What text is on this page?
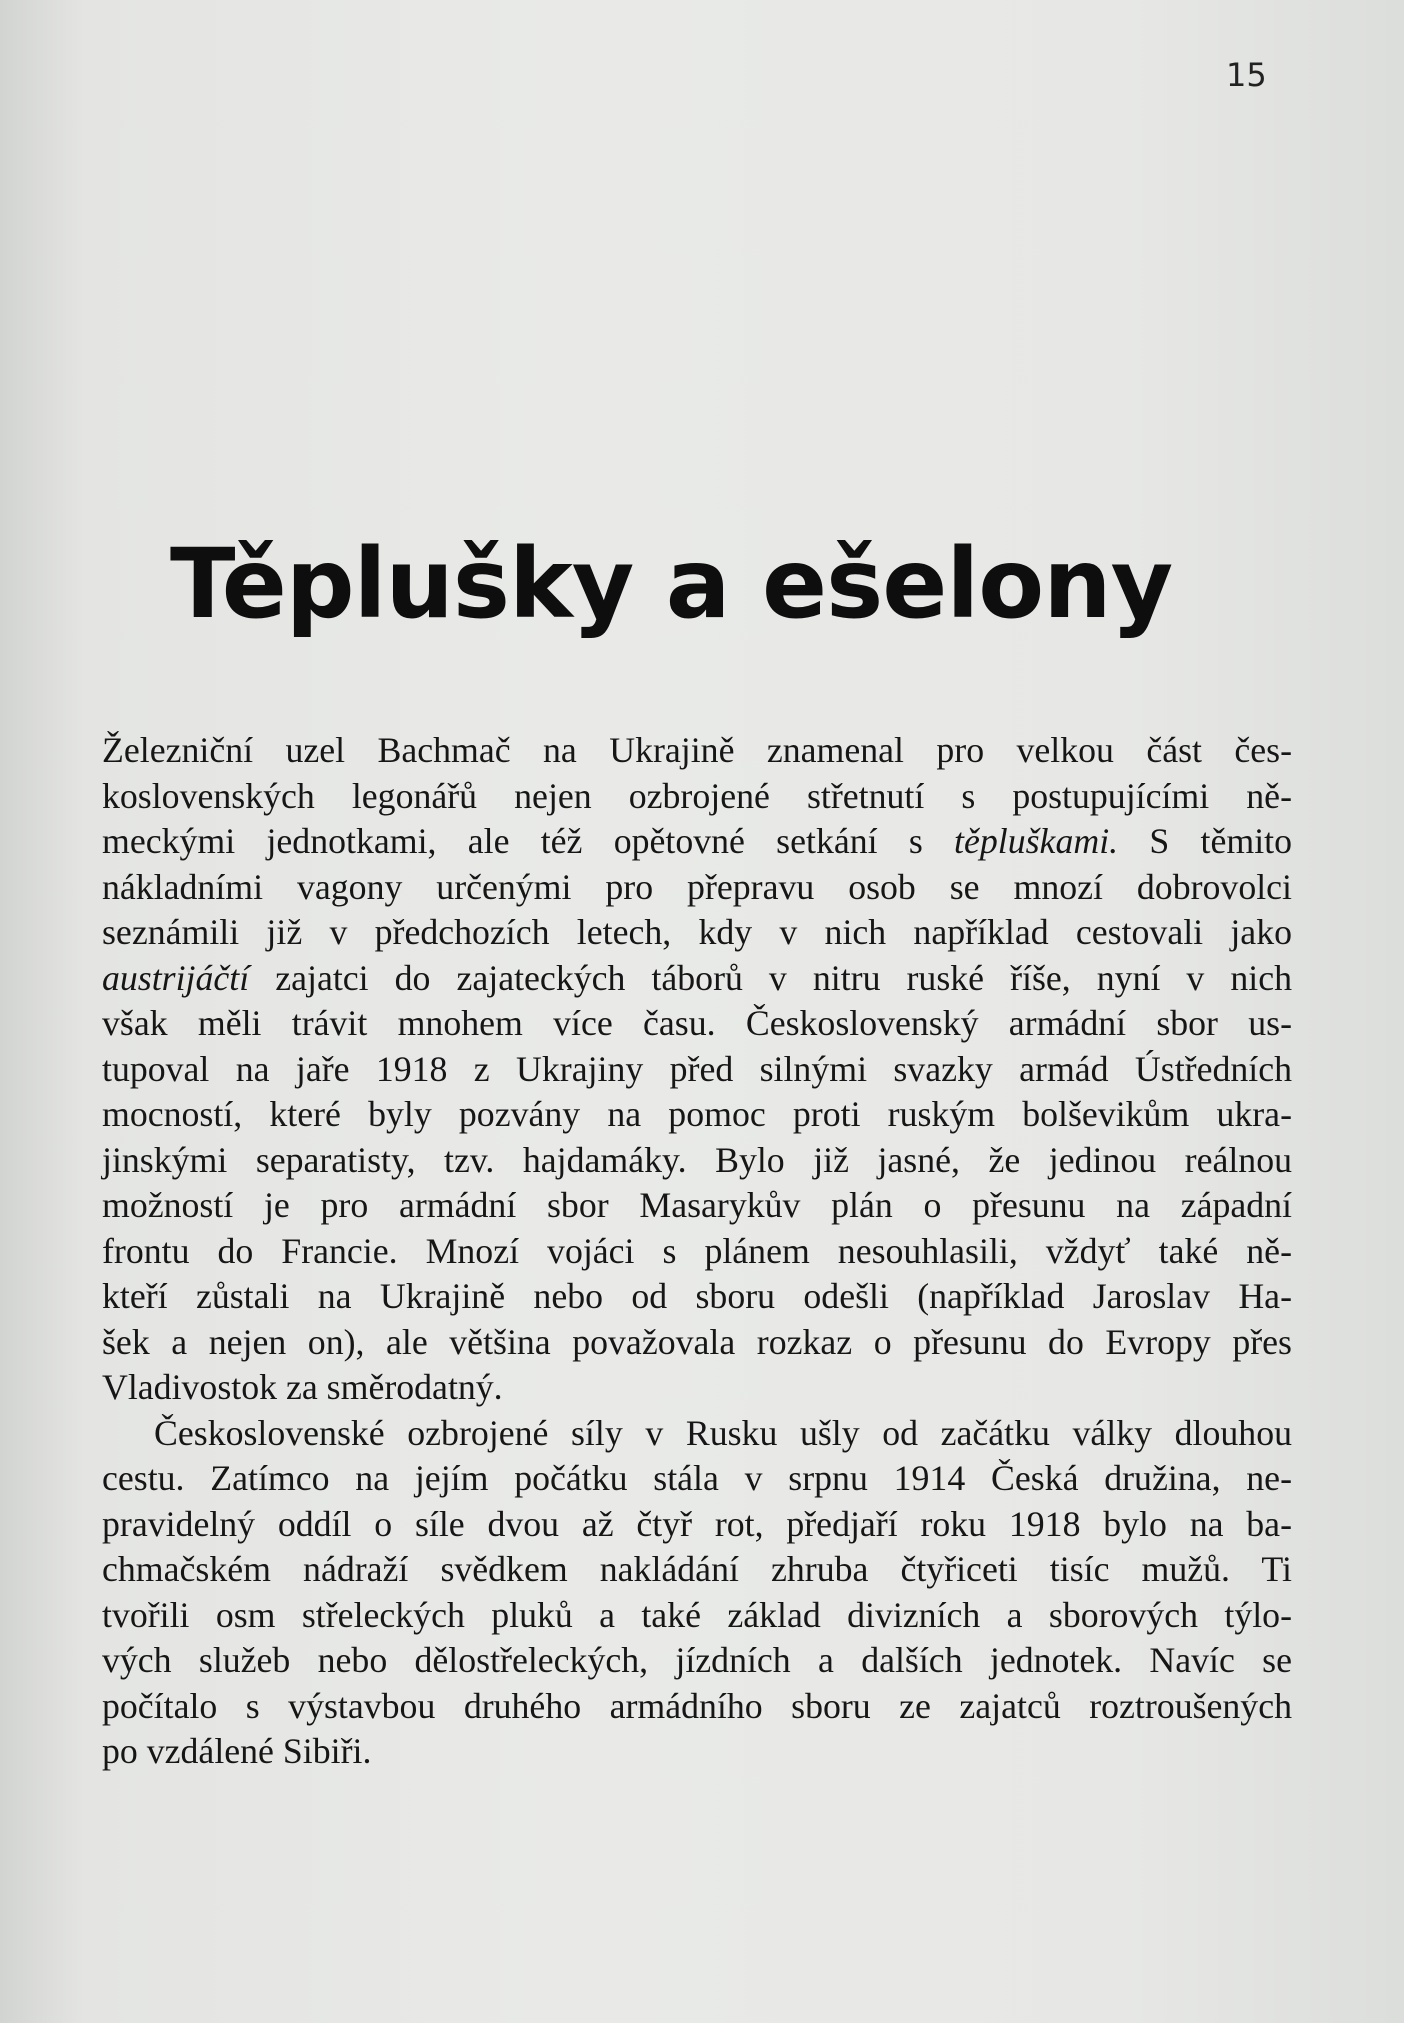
15

Těplušky a ešelony
Železniční uzel Bachmač na Ukrajině znamenal pro velkou část čes-
koslovenských legonářů nejen ozbrojené střetnutí s postupujícími ně-
meckými jednotkami, ale též opětovné setkání s těpluškami. S těmito
nákladními vagony určenými pro přepravu osob se mnozí dobrovolci
seznámili již v předchozích letech, kdy v nich například cestovali jako
austrijáčtí zajatci do zajateckých táborů v nitru ruské říše, nyní v nich
však měli trávit mnohem více času. Československý armádní sbor us-
tupoval na jaře 1918 z Ukrajiny před silnými svazky armád Ústředních
mocností, které byly pozvány na pomoc proti ruským bolševikům ukra-
jinskými separatisty, tzv. hajdamáky. Bylo již jasné, že jedinou reálnou
možností je pro armádní sbor Masarykův plán o přesunu na západní
frontu do Francie. Mnozí vojáci s plánem nesouhlasili, vždyť také ně-
kteří zůstali na Ukrajině nebo od sboru odešli (například Jaroslav Ha-
šek a nejen on), ale většina považovala rozkaz o přesunu do Evropy přes
Vladivostok za směrodatný.
Československé ozbrojené síly v Rusku ušly od začátku války dlouhou
cestu. Zatímco na jejím počátku stála v srpnu 1914 Česká družina, ne-
pravidelný oddíl o síle dvou až čtyř rot, předjaří roku 1918 bylo na ba-
chmačském nádraží svědkem nakládání zhruba čtyřiceti tisíc mužů. Ti
tvořili osm střeleckých pluků a také základ divizních a sborových týlo-
vých služeb nebo dělostřeleckých, jízdních a dalších jednotek. Navíc se
počítalo s výstavbou druhého armádního sboru ze zajatců roztroušených
po vzdálené Sibiři.
